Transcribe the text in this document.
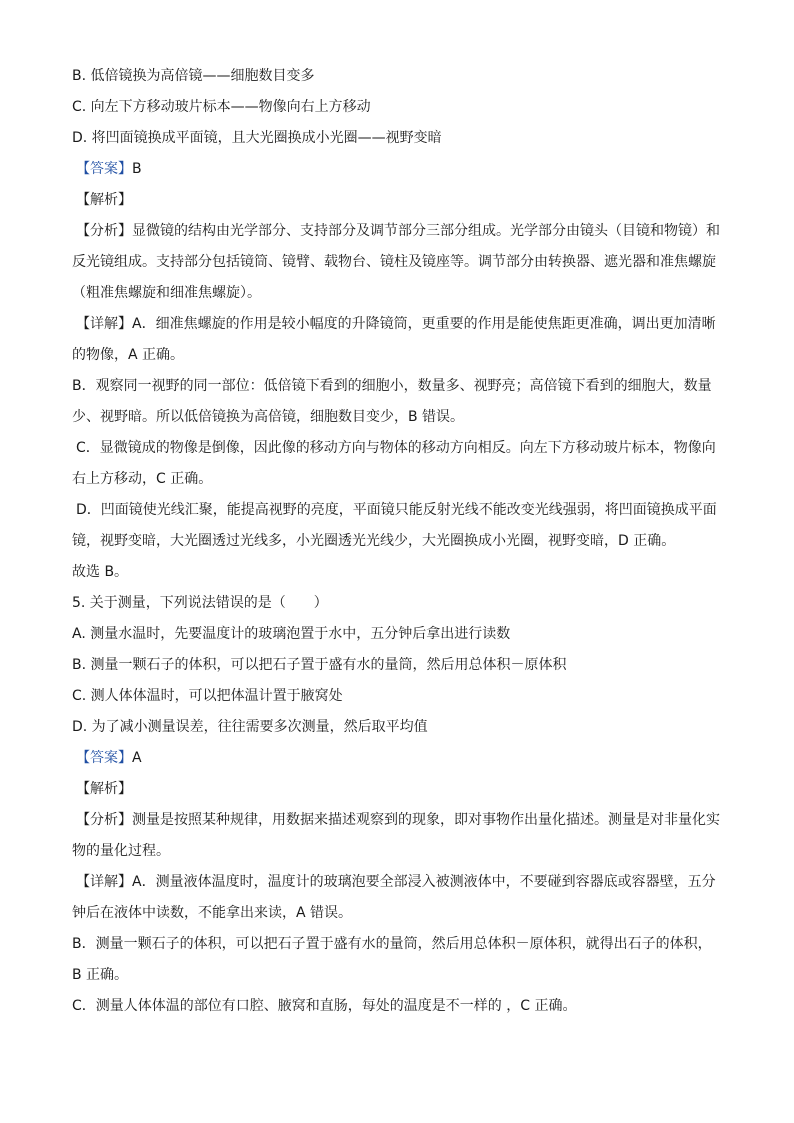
B. 低倍镜换为高倍镜——细胞数目变多
C. 向左下方移动玻片标本——物像向右上方移动
D. 将凹面镜换成平面镜，且大光圈换成小光圈——视野变暗
【答案】B
【解析】
【分析】显微镜的结构由光学部分、支持部分及调节部分三部分组成。光学部分由镜头（目镜和物镜）和
反光镜组成。支持部分包括镜筒、镜臂、载物台、镜柱及镜座等。调节部分由转换器、遮光器和准焦螺旋
（粗准焦螺旋和细准焦螺旋）。
【详解】A．细准焦螺旋的作用是较小幅度的升降镜筒，更重要的作用是能使焦距更准确，调出更加清晰
的物像，A 正确。
B．观察同一视野的同一部位：低倍镜下看到的细胞小，数量多、视野亮；高倍镜下看到的细胞大，数量
少、视野暗。所以低倍镜换为高倍镜，细胞数目变少，B 错误。
C．显微镜成的物像是倒像，因此像的移动方向与物体的移动方向相反。向左下方移动玻片标本，物像向
右上方移动，C 正确。
D．凹面镜使光线汇聚，能提高视野的亮度，平面镜只能反射光线不能改变光线强弱，将凹面镜换成平面
镜，视野变暗，大光圈透过光线多，小光圈透光光线少，大光圈换成小光圈，视野变暗，D 正确。
故选 B。
5. 关于测量，下列说法错误的是（　　）
A. 测量水温时，先要温度计的玻璃泡置于水中，五分钟后拿出进行读数
B. 测量一颗石子的体积，可以把石子置于盛有水的量筒，然后用总体积－原体积
C. 测人体体温时，可以把体温计置于腋窝处
D. 为了减小测量误差，往往需要多次测量，然后取平均值
【答案】A
【解析】
【分析】测量是按照某种规律，用数据来描述观察到的现象，即对事物作出量化描述。测量是对非量化实
物的量化过程。
【详解】A．测量液体温度时，温度计的玻璃泡要全部浸入被测液体中，不要碰到容器底或容器壁，五分
钟后在液体中读数，不能拿出来读，A 错误。
B．测量一颗石子的体积，可以把石子置于盛有水的量筒，然后用总体积－原体积，就得出石子的体积，
B 正确。
C．测量人体体温的部位有口腔、腋窝和直肠，每处的温度是不一样的 ，C 正确。
